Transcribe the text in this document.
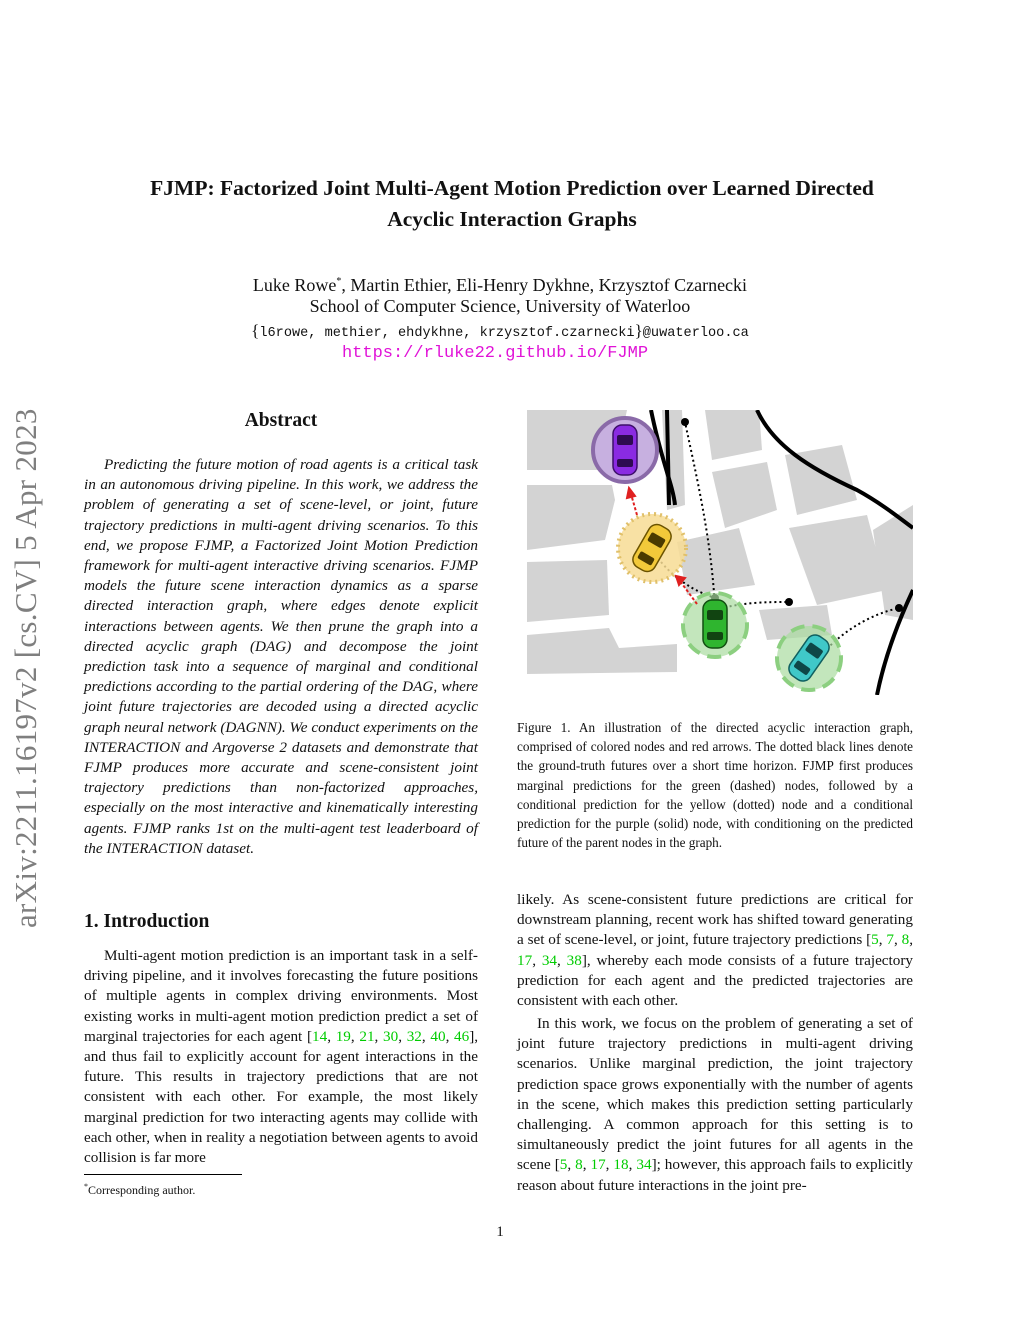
FJMP: Factorized Joint Multi-Agent Motion Prediction over Learned Directed
Acyclic Interaction Graphs
Luke Rowe*, Martin Ethier, Eli-Henry Dykhne, Krzysztof Czarnecki
School of Computer Science, University of Waterloo
{l6rowe, methier, ehdykhne, krzysztof.czarnecki}@uwaterloo.ca
https://rluke22.github.io/FJMP
arXiv:2211.16197v2 [cs.CV] 5 Apr 2023	Abstract
Predicting the future motion of road agents is a critical task in an autonomous driving pipeline. In this work, we address the problem of generating a set of scene-level, or joint, future trajectory predictions in multi-agent driving scenarios. To this end, we propose FJMP, a Factorized Joint Motion Prediction framework for multi-agent interactive driving scenarios. FJMP models the future scene interaction dynamics as a sparse directed interaction graph, where edges denote explicit interactions between agents. We then prune the graph into a directed acyclic graph (DAG) and decompose the joint prediction task into a sequence of marginal and conditional predictions according to the partial ordering of the DAG, where joint future trajectories are decoded using a directed acyclic graph neural network (DAGNN). We conduct experiments on the INTERACTION and Argoverse 2 datasets and demonstrate that FJMP produces more accurate and scene-consistent joint trajectory predictions than non-factorized approaches, especially on the most interactive and kinematically interesting agents. FJMP ranks 1st on the multi-agent test leaderboard of the INTERACTION dataset.
1. Introduction
Multi-agent motion prediction is an important task in a self-driving pipeline, and it involves forecasting the future positions of multiple agents in complex driving environments. Most existing works in multi-agent motion prediction predict a set of marginal trajectories for each agent [14, 19, 21, 30, 32, 40, 46], and thus fail to explicitly account for agent interactions in the future. This results in trajectory predictions that are not consistent with each other. For example, the most likely marginal prediction for two interacting agents may collide with each other, when in reality a negotiation between agents to avoid collision is far more
*Corresponding author.
Figure 1. An illustration of the directed acyclic interaction graph, comprised of colored nodes and red arrows. The dotted black lines denote the ground-truth futures over a short time horizon. FJMP first produces marginal predictions for the green (dashed) nodes, followed by a conditional prediction for the yellow (dotted) node and a conditional prediction for the purple (solid) node, with conditioning on the predicted future of the parent nodes in the graph.
likely. As scene-consistent future predictions are critical for downstream planning, recent work has shifted toward generating a set of scene-level, or joint, future trajectory predictions [5, 7, 8, 17, 34, 38], whereby each mode consists of a future trajectory prediction for each agent and the predicted trajectories are consistent with each other.
In this work, we focus on the problem of generating a set of joint future trajectory predictions in multi-agent driving scenarios. Unlike marginal prediction, the joint trajectory prediction space grows exponentially with the number of agents in the scene, which makes this prediction setting particularly challenging. A common approach for this setting is to simultaneously predict the joint futures for all agents in the scene [5, 8, 17, 18, 34]; however, this approach fails to explicitly reason about future interactions in the joint pre-
1
